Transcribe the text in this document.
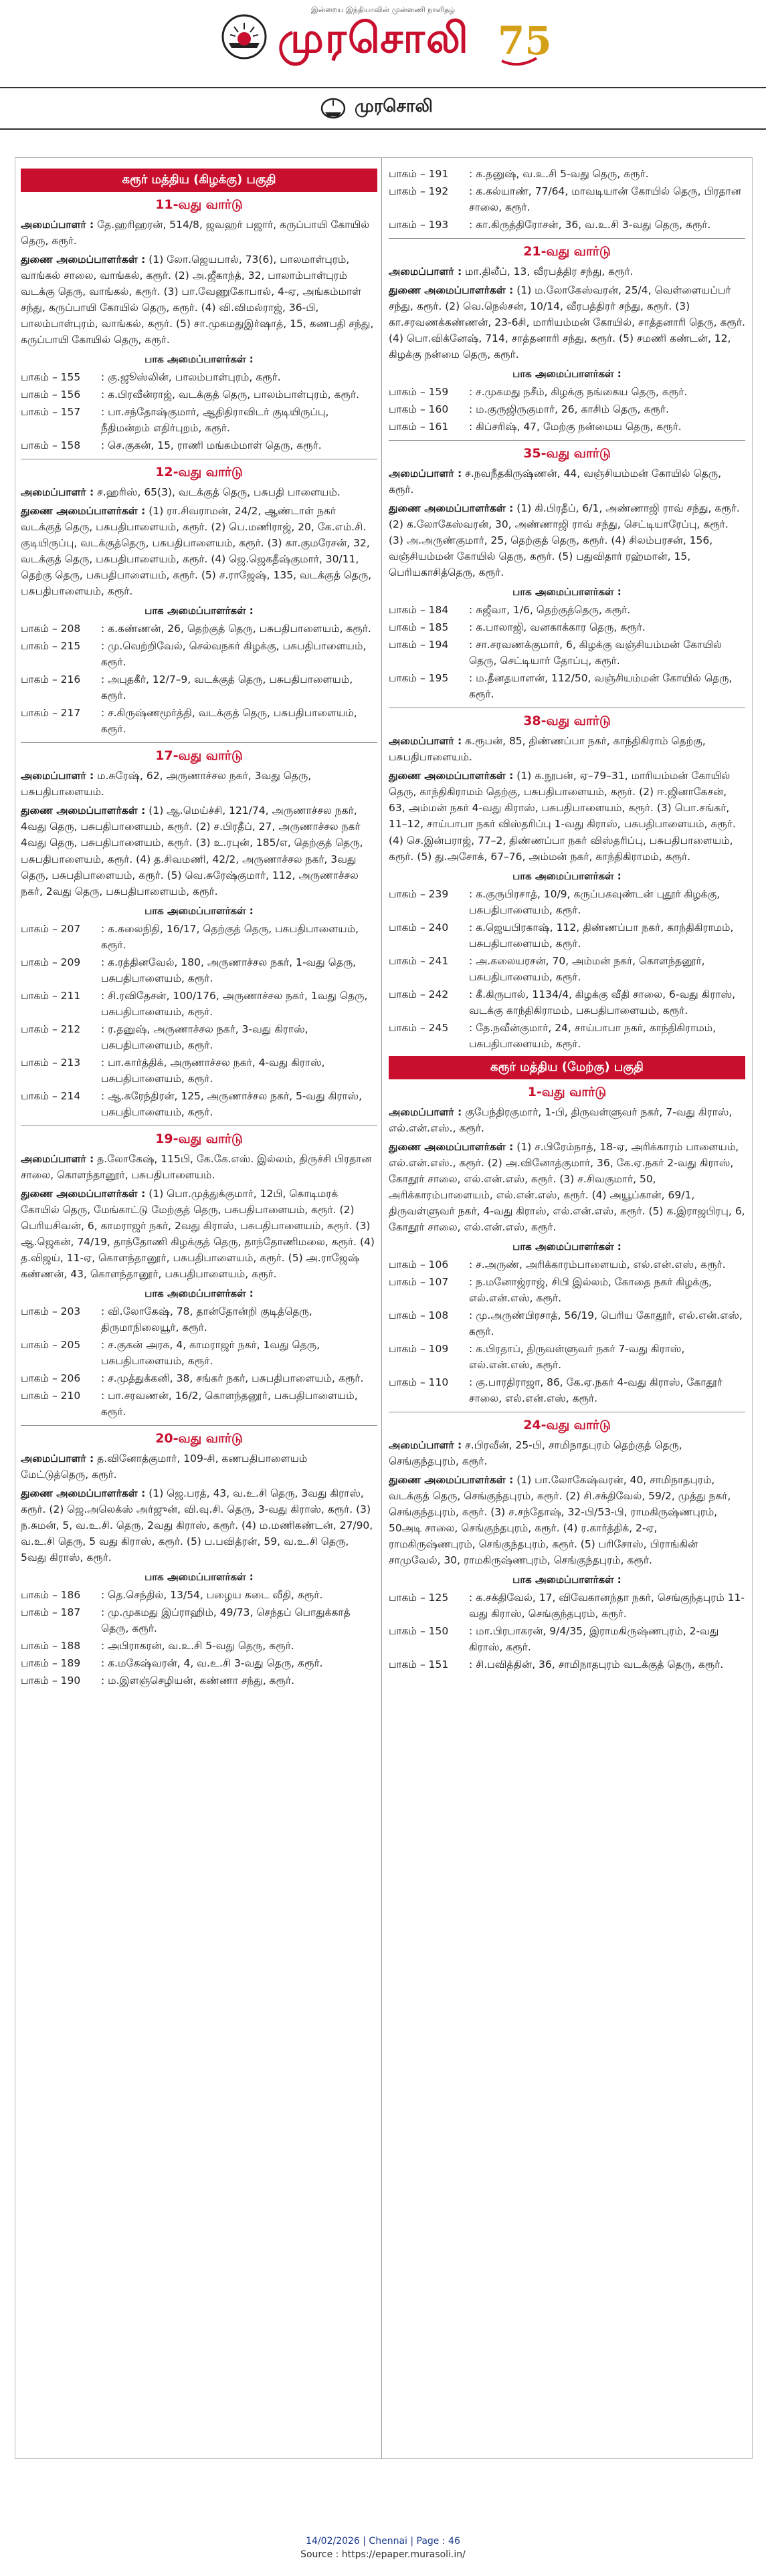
இன்றைய இந்தியாவின் முன்னணி நாளிதழ்
முரசொலி 75
முரசொலி
கரூர் மத்திய (கிழக்கு) பகுதி
11-வது வார்டு

அமைப்பாளர் : தே.ஹரிஹரன், 514/8, ஜவஹர் பஜார், கருப்பாயி கோயில் தெரு, கரூர்.

துணை அமைப்பாளர்கள் : (1) லோ.ஜெயபால், 73(6), பாலமாள்புரம், வாங்கல் சாலை, வாங்கல், கரூர். (2) அ.ஜீகாந்த், 32, பாலாம்பாள்புரம் வடக்கு தெரு, வாங்கல், கரூர். (3) பா.வேணுகோபால், 4-ஏ, அங்கம்மாள் சந்து, கருப்பாயி கோயில் தெரு, கரூர். (4) வி.விமல்ராஜ், 36-பி, பாலம்பாள்புரம், வாங்கல், கரூர். (5) சா.முகமதுஇர்ஷாத், 15, கணபதி சந்து, கருப்பாயி கோயில் தெரு, கரூர்.

பாக அமைப்பாளர்கள் :
பாகம் – 155	: கு.ஜூஸ்லின், பாலம்பாள்புரம், கரூர்.
பாகம் – 156	: க.பிரவீன்ராஜ், வடக்குத் தெரு, பாலம்பாள்புரம், கரூர்.
பாகம் – 157	: பா.சந்தோஷ்குமார், ஆதிதிராவிடர் குடியிருப்பு, நீதிமன்றம் எதிர்புறம், கரூர்.
பாகம் – 158	: செ.குகன், 15, ராணி மங்கம்மாள் தெரு, கரூர்.
12-வது வார்டு

அமைப்பாளர் : ச.ஹரிஸ், 65(3), வடக்குத் தெரு, பசுபதி பாளையம்.

துணை அமைப்பாளர்கள் : (1) ரா.சிவராமன், 24/2, ஆண்டாள் நகர் வடக்குத் தெரு, பசுபதிபாளையம், கரூர். (2) பெ.மணிராஜ், 20, கே.எம்.சி. குடியிருப்பு, வடக்குத்தெரு, பசுபதிபாளையம், கரூர். (3) கா.குமரேசன், 32, வடக்குத் தெரு, பசுபதிபாளையம், கரூர். (4) ஜெ.ஜெகதீஷ்குமார், 30/11, தெற்கு தெரு, பசுபதிபாளையம், கரூர். (5) ச.ராஜேஷ், 135, வடக்குத் தெரு, பசுபதிபாளையம், கரூர்.

பாக அமைப்பாளர்கள் :
பாகம் – 208	: க.கண்ணன், 26, தெற்குத் தெரு, பசுபதிபாளையம், கரூர்.
பாகம் – 215	: மு.வெற்றிவேல், செல்வநகர் கிழக்கு, பசுபதிபாளையம், கரூர்.
பாகம் – 216	: அபுதகீர், 12/7–9, வடக்குத் தெரு, பசுபதிபாளையம், கரூர்.
பாகம் – 217	: ச.கிருஷ்ணமூர்த்தி, வடக்குத் தெரு, பசுபதிபாளையம், கரூர்.
17-வது வார்டு

அமைப்பாளர் : ம.சுரேஷ், 62, அருணாச்சல நகர், 3வது தெரு, பசுபதிபாளையம்.

துணை அமைப்பாளர்கள் : (1) ஆ.மெய்ச்சி, 121/74, அருணாச்சல நகர், 4வது தெரு, பசுபதிபாளையம், கரூர். (2) ச.பிரதீப், 27, அருணாச்சல நகர் 4வது தெரு, பசுபதிபாளையம், கரூர். (3) உ.ரபுன், 185/எ, தெற்குத் தெரு, பசுபதிபாளையம், கரூர். (4) த.சிவமணி, 42/2, அருணாச்சல நகர், 3வது தெரு, பசுபதிபாளையம், கரூர். (5) வெ.சுரேஷ்குமார், 112, அருணாச்சல நகர், 2வது தெரு, பசுபதிபாளையம், கரூர்.

பாக அமைப்பாளர்கள் :
பாகம் – 207	: க.கலைநிதி, 16/17, தெற்குத் தெரு, பசுபதிபாளையம், கரூர்.
பாகம் – 209	: க.ரத்தினவேல், 180, அருணாச்சல நகர், 1-வது தெரு, பசுபதிபாளையம், கரூர்.
பாகம் – 211	: சி.ரவிதேசன், 100/176, அருணாச்சல நகர், 1வது தெரு, பசுபதிபாளையம், கரூர்.
பாகம் – 212	: ர.தனுஷ், அருணாச்சல நகர், 3-வது கிராஸ், பசுபதிபாளையம், கரூர்.
பாகம் – 213	: பா.கார்த்திக், அருணாச்சல நகர், 4-வது கிராஸ், பசுபதிபாளையம், கரூர்.
பாகம் – 214	: ஆ.சுரேந்திரன், 125, அருணாச்சல நகர், 5-வது கிராஸ், பசுபதிபாளையம், கரூர்.
19-வது வார்டு

அமைப்பாளர் : த.லோகேஷ், 115பி, கே.கே.எஸ். இல்லம், திருச்சி பிரதான சாலை, கொளந்தானூர், பசுபதிபாளையம்.

துணை அமைப்பாளர்கள் : (1) பொ.முத்துக்குமார், 12பி, கொடிமரக் கோயில் தெரு, மேங்காட்டு மேற்குத் தெரு, பசுபதிபாளையம், கரூர். (2) பெரியசிவன், 6, காமராஜர் நகர், 2வது கிராஸ், பசுபதிபாளையம், கரூர். (3) ஆ.ஜெகன், 74/19, தாந்தோணி கிழக்குத் தெரு, தாந்தோணிமலை, கரூர். (4) த.விஜய், 11-ஏ, கொளந்தானூர், பசுபதிபாளையம், கரூர். (5) அ.ராஜேஷ் கண்ணன், 43, கொளந்தானூர், பசுபதிபாளையம், கரூர்.

பாக அமைப்பாளர்கள் :
பாகம் – 203	: வி.லோகேஷ், 78, தான்தோன்றி குடித்தெரு, திருமாநிலையூர், கரூர்.
பாகம் – 205	: ச.குகன் அரசு, 4, காமராஜர் நகர், 1வது தெரு, பசுபதிபாளையம், கரூர்.
பாகம் – 206	: ச.முத்துக்கனி, 38, சங்கர் நகர், பசுபதிபாளையம், கரூர்.
பாகம் – 210	: பா.சரவணன், 16/2, கொளந்தனூர், பசுபதிபாளையம், கரூர்.
20-வது வார்டு

அமைப்பாளர் : த.வினோத்குமார், 109-சி, கணபதிபாளையம் மேட்டுத்தெரு, கரூர்.

துணை அமைப்பாளர்கள் : (1) ஜெ.பரத், 43, வ.உ.சி தெரு, 3வது கிராஸ், கரூர். (2) ஜெ.அலெக்ஸ் அர்ஜுன், வி.வு.சி. தெரு, 3-வது கிராஸ், கரூர். (3) ந.சுமன், 5, வ.உ.சி. தெரு, 2வது கிராஸ், கரூர். (4) ம.மணிகண்டன், 27/90, வ.உ.சி தெரு, 5 வது கிராஸ், கரூர். (5) ப.பவித்ரன், 59, வ.உ.சி தெரு, 5வது கிராஸ், கரூர்.

பாக அமைப்பாளர்கள் :
பாகம் – 186	: தெ.செந்தில், 13/54, பழைய கடை வீதி, கரூர்.
பாகம் – 187	: மு.முகமது இப்ராஹிம், 49/73, செந்தப் பொதுக்காத் தெரு, கரூர்.
பாகம் – 188	: அபிராகரன், வ.உ.சி 5-வது தெரு, கரூர்.
பாகம் – 189	: க.மகேஷ்வரன், 4, வ.உ.சி 3-வது தெரு, கரூர்.
பாகம் – 190	: ம.இளஞ்செழியன், கண்ணா சந்து, கரூர்.
பாகம் – 191	: க.தனுஷ், வ.உ.சி 5-வது தெரு, கரூர்.
பாகம் – 192	: க.கல்யாண், 77/64, மாவடியான் கோயில் தெரு, பிரதான சாலை, கரூர்.
பாகம் – 193	: கா.கிருத்திரோசன், 36, வ.உ.சி 3-வது தெரு, கரூர்.
21-வது வார்டு

அமைப்பாளர் : மா.திலீப், 13, வீரபத்திர சந்து, கரூர்.

துணை அமைப்பாளர்கள் : (1) ம.லோகேஸ்வரன், 25/4, வெள்ளையப்பர் சந்து, கரூர். (2) வெ.நெல்சன், 10/14, வீரபத்திரர் சந்து, கரூர். (3) கா.சரவணக்கண்ணன், 23-6சி, மாரியம்மன் கோயில், சாத்தனாரி தெரு, கரூர். (4) பொ.விக்னேஷ், 714, சாத்தனாரி சந்து, கரூர். (5) சமணி கண்டன், 12, கிழக்கு நன்மை தெரு, கரூர்.

பாக அமைப்பாளர்கள் :
பாகம் – 159	: ச.முகமது நசீம், கிழக்கு நங்கைய தெரு, கரூர்.
பாகம் – 160	: ம.குருஜிருகுமார், 26, காசிம் தெரு, கரூர்.
பாகம் – 161	: கிப்சரிஷ், 47, மேற்கு நன்மைய தெரு, கரூர்.
35-வது வார்டு

அமைப்பாளர் : ச.நவநீதகிருஷ்ணன், 44, வஞ்சியம்மன் கோயில் தெரு, கரூர்.

துணை அமைப்பாளர்கள் : (1) கி.பிரதீப், 6/1, அண்ணாஜி ராவ் சந்து, கரூர். (2) க.லோகேஸ்வரன், 30, அண்ணாஜி ராவ் சந்து, செட்டியாரேப்பு, கரூர். (3) அ.அருண்குமார், 25, தெற்குத் தெரு, கரூர். (4) சிலம்பரசன், 156, வஞ்சியம்மன் கோயில் தெரு, கரூர். (5) பதுவிதார் ரஹ்மான், 15, பெரியகாசித்தெரு, கரூர்.

பாக அமைப்பாளர்கள் :
பாகம் – 184	: சுஜீவா, 1/6, தெற்குத்தெரு, கரூர்.
பாகம் – 185	: க.பாலாஜி, வனகாக்கார தெரு, கரூர்.
பாகம் – 194	: சா.சரவணக்குமார், 6, கிழக்கு வஞ்சியம்மன் கோயில் தெரு, செட்டியார் தோப்பு, கரூர்.
பாகம் – 195	: ம.தீனதயாளன், 112/50, வஞ்சியம்மன் கோயில் தெரு, கரூர்.
38-வது வார்டு

அமைப்பாளர் : க.ரூபன், 85, திண்ணப்பா நகர், காந்திகிராம் தெற்கு, பசுபதிபாளையம்.

துணை அமைப்பாளர்கள் : (1) க.நூபன், ஏ–79–31, மாரியம்மன் கோயில் தெரு, காந்திகிராமம் தெற்கு, பசுபதிபாளையம், கரூர். (2) ஈ.ஜினாகேசன், 63, அம்மன் நகர் 4-வது கிராஸ், பசுபதிபாளையம், கரூர். (3) பொ.சங்கர், 11–12, சாய்பாபா நகர் விஸ்தரிப்பு 1-வது கிராஸ், பசுபதிபாளையம், கரூர். (4) செ.இன்பராஜ், 77–2, திண்ணப்பா நகர் விஸ்தரிப்பு, பசுபதிபாளையம், கரூர். (5) து.அசோக், 67–76, அம்மன் நகர், காந்திகிராமம், கரூர்.

பாக அமைப்பாளர்கள் :
பாகம் – 239	: க.குருபிரசாத், 10/9, கருப்பகவுண்டன் புதூர் கிழக்கு, பசுபதிபாளையம், கரூர்.
பாகம் – 240	: க.ஜெயபிரகாஷ், 112, திண்ணப்பா நகர், காந்திகிராமம், பசுபதிபாளையம், கரூர்.
பாகம் – 241	: அ.கலையரசன், 70, அம்மன் நகர், கொளந்தனூர், பசுபதிபாளையம், கரூர்.
பாகம் – 242	: கீ.கிருபால், 1134/4, கிழக்கு வீதி சாலை, 6-வது கிராஸ், வடக்கு காந்திகிராமம், பசுபதிபாளையம், கரூர்.
பாகம் – 245	: தே.நவீன்குமார், 24, சாய்பாபா நகர், காந்திகிராமம், பசுபதிபாளையம், கரூர்.
கரூர் மத்திய (மேற்கு) பகுதி
1-வது வார்டு

அமைப்பாளர் : குபேந்திரகுமார், 1-பி, திருவள்ளுவர் நகர், 7-வது கிராஸ், எல்.என்.எஸ்., கரூர்.

துணை அமைப்பாளர்கள் : (1) ச.பிரேம்நாத், 18-ஏ, அரிக்காரம் பாளையம், எல்.என்.எஸ்., கரூர். (2) அ.வினோத்குமார், 36, கே.ஏ.நகர் 2-வது கிராஸ், கோதூர் சாலை, எல்.என்.எஸ், கரூர். (3) ச.சிவகுமார், 50, அரிக்காரம்பாளையம், எல்.என்.எஸ், கரூர். (4) அயூப்கான், 69/1, திருவள்ளுவர் நகர், 4-வது கிராஸ், எல்.என்.எஸ், கரூர். (5) க.இராஜபிரபு, 6, கோதூர் சாலை, எல்.என்.எஸ், கரூர்.

பாக அமைப்பாளர்கள் :
பாகம் – 106	: ச.அருண், அரிக்காரம்பாளையம், எல்.என்.எஸ், கரூர்.
பாகம் – 107	: ந.மனோஜ்ராஜ், சிபி இல்லம், கோதை நகர் கிழக்கு, எல்.என்.எஸ், கரூர்.
பாகம் – 108	: மு.அருண்பிரசாத், 56/19, பெரிய கோதூர், எல்.என்.எஸ், கரூர்.
பாகம் – 109	: க.பிரதாப், திருவள்ளுவர் நகர் 7-வது கிராஸ், எல்.என்.எஸ், கரூர்.
பாகம் – 110	: கு.பாரதிராஜா, 86, கே.ஏ.நகர் 4-வது கிராஸ், கோதூர் சாலை, எல்.என்.எஸ், கரூர்.
24-வது வார்டு

அமைப்பாளர் : ச.பிரவீன், 25-பி, சாமிநாதபுரம் தெற்குத் தெரு, செங்குந்தபுரம், கரூர்.

துணை அமைப்பாளர்கள் : (1) பா.லோகேஷ்வரன், 40, சாமிநாதபுரம், வடக்குத் தெரு, செங்குந்தபுரம், கரூர். (2) சி.சக்திவேல், 59/2, முத்து நகர், செங்குந்தபுரம், கரூர். (3) ச.சந்தோஷ், 32-பி/53-பி, ராமகிருஷ்ணபுரம், 50அடி சாலை, செங்குந்தபுரம், கரூர். (4) ர.கார்த்திக், 2-ஏ, ராமகிருஷ்ணபுரம், செங்குந்தபுரம், கரூர். (5) பரிசோஸ், பிராங்கின் சாமுவேல், 30, ராமகிருஷ்ணபுரம், செங்குந்தபுரம், கரூர்.

பாக அமைப்பாளர்கள் :
பாகம் – 125	: க.சக்திவேல், 17, விவேகானந்தா நகர், செங்குந்தபுரம் 11-வது கிராஸ், செங்குந்தபுரம், கரூர்.
பாகம் – 150	: மா.பிரபாகரன், 9/4/35, இராமகிருஷ்ணபுரம், 2-வது கிராஸ், கரூர்.
பாகம் – 151	: சி.பவித்தின், 36, சாமிநாதபுரம் வடக்குத் தெரு, கரூர்.
14/02/2026 | Chennai | Page : 46
Source : https://epaper.murasoli.in/
